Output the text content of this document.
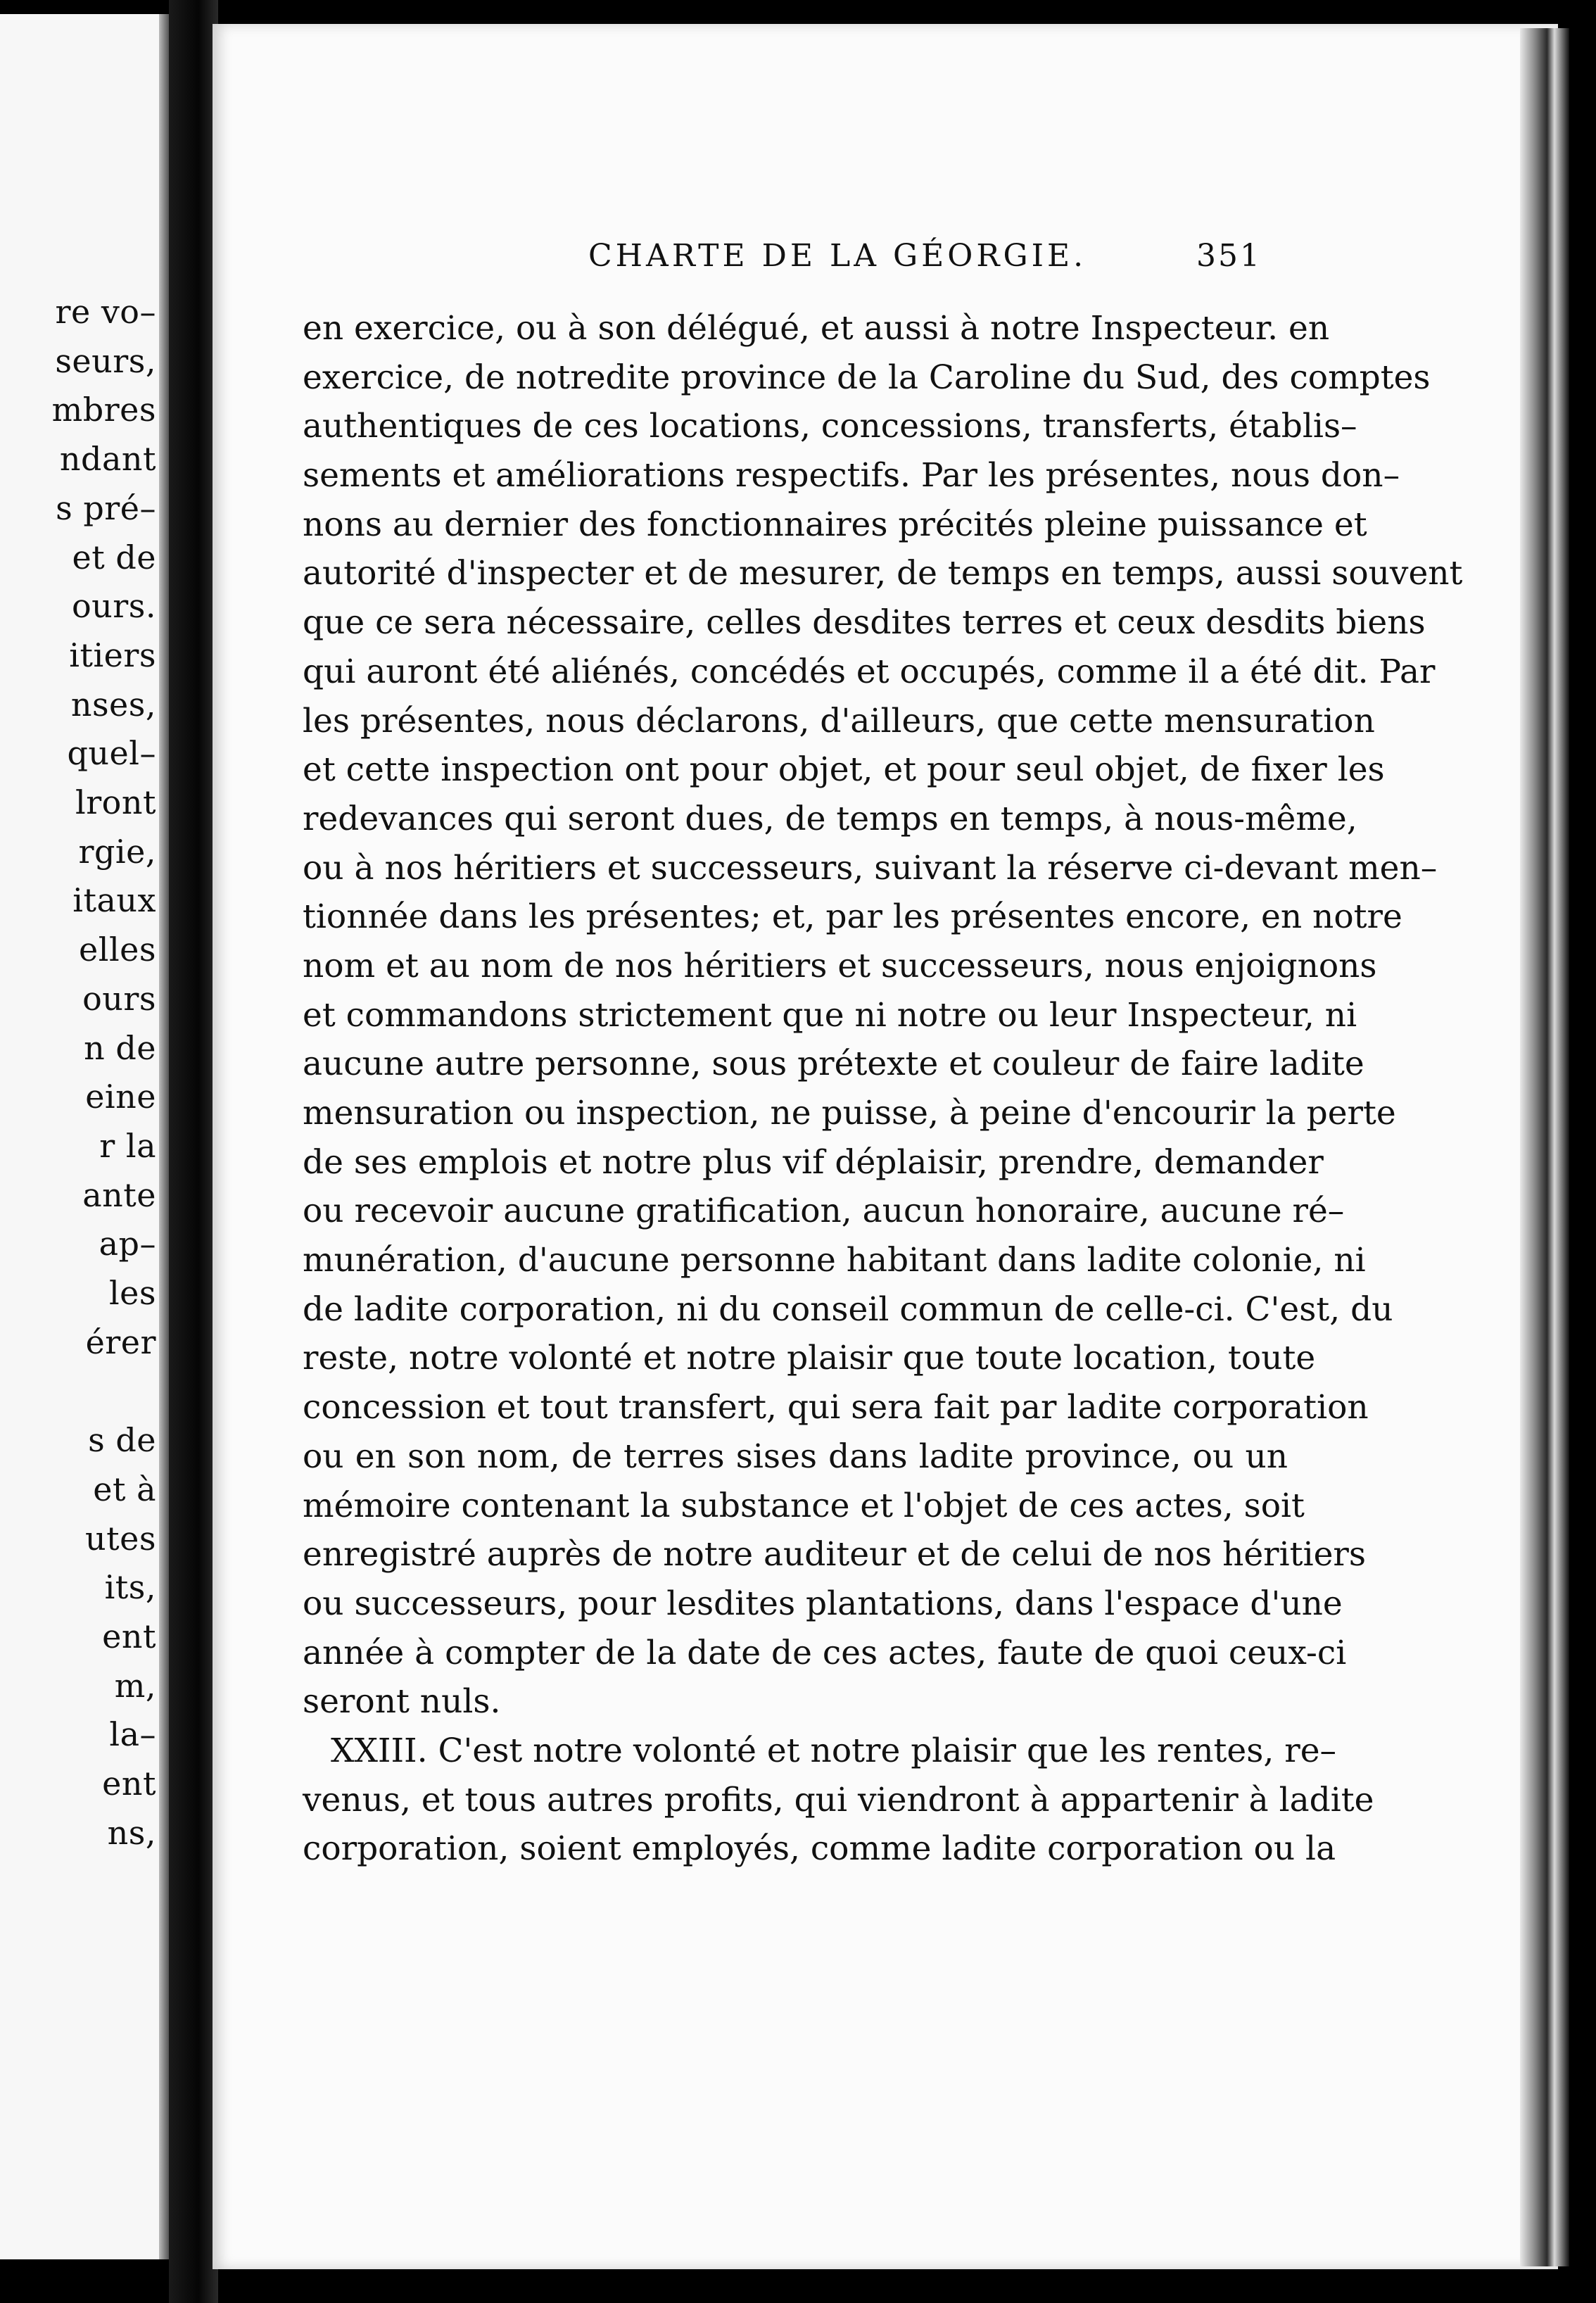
re vo–
seurs,
mbres
ndant
s pré–
et de
ours.
itiers
nses,
quel–
lront
rgie,
itaux
elles
ours
n de
eine
r la
ante
ap–
les
érer
s de
et à
utes
its,
ent
m,
la–
ent
ns,
CHARTE DE LA GÉORGIE.	351
en exercice, ou à son délégué, et aussi à notre Inspecteur. en
exercice, de notredite province de la Caroline du Sud, des comptes
authentiques de ces locations, concessions, transferts, établis–
sements et améliorations respectifs. Par les présentes, nous don–
nons au dernier des fonctionnaires précités pleine puissance et
autorité d'inspecter et de mesurer, de temps en temps, aussi souvent
que ce sera nécessaire, celles desdites terres et ceux desdits biens
qui auront été aliénés, concédés et occupés, comme il a été dit. Par
les présentes, nous déclarons, d'ailleurs, que cette mensuration
et cette inspection ont pour objet, et pour seul objet, de fixer les
redevances qui seront dues, de temps en temps, à nous-même,
ou à nos héritiers et successeurs, suivant la réserve ci-devant men–
tionnée dans les présentes; et, par les présentes encore, en notre
nom et au nom de nos héritiers et successeurs, nous enjoignons
et commandons strictement que ni notre ou leur Inspecteur, ni
aucune autre personne, sous prétexte et couleur de faire ladite
mensuration ou inspection, ne puisse, à peine d'encourir la perte
de ses emplois et notre plus vif déplaisir, prendre, demander
ou recevoir aucune gratification, aucun honoraire, aucune ré–
munération, d'aucune personne habitant dans ladite colonie, ni
de ladite corporation, ni du conseil commun de celle-ci. C'est, du
reste, notre volonté et notre plaisir que toute location, toute
concession et tout transfert, qui sera fait par ladite corporation
ou en son nom, de terres sises dans ladite province, ou un
mémoire contenant la substance et l'objet de ces actes, soit
enregistré auprès de notre auditeur et de celui de nos héritiers
ou successeurs, pour lesdites plantations, dans l'espace d'une
année à compter de la date de ces actes, faute de quoi ceux-ci
seront nuls.
XXIII. C'est notre volonté et notre plaisir que les rentes, re–
venus, et tous autres profits, qui viendront à appartenir à ladite
corporation, soient employés, comme ladite corporation ou la
